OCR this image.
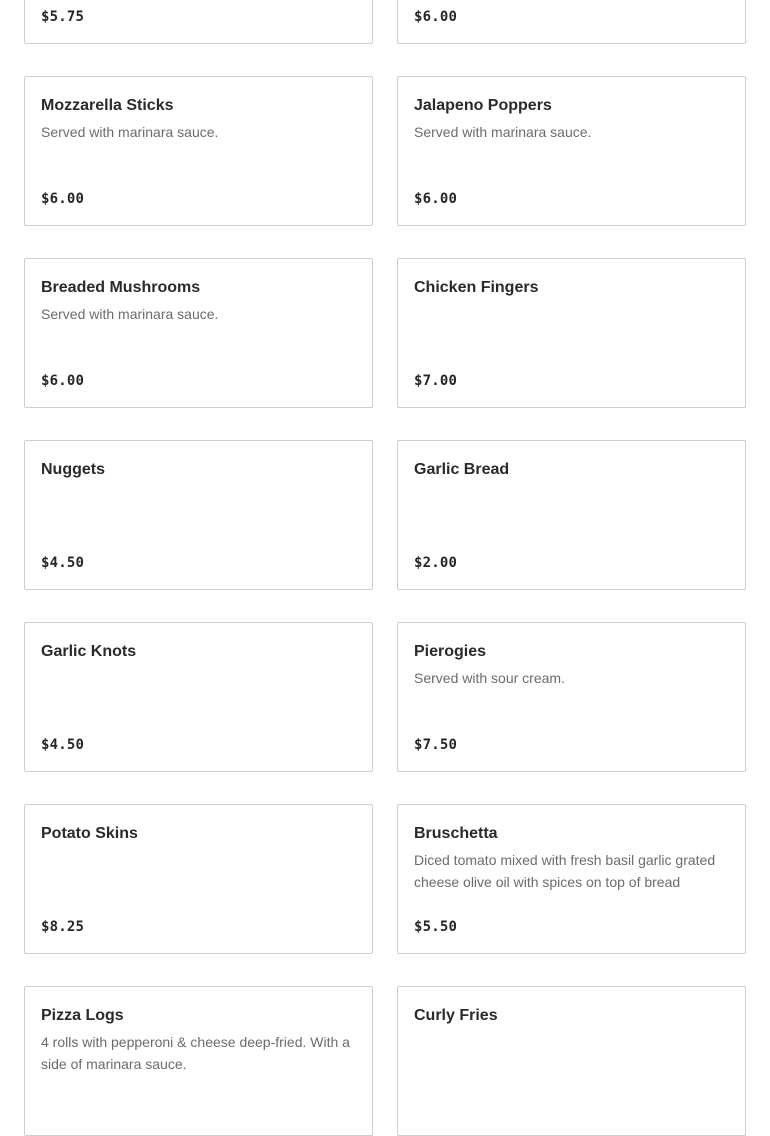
$5.75	$6.00
Mozzarella Sticks
Served with marinara sauce.
$6.00
Jalapeno Poppers
Served with marinara sauce.
$6.00
Breaded Mushrooms
Served with marinara sauce.
$6.00
Chicken Fingers
$7.00
Nuggets
$4.50
Garlic Bread
$2.00
Garlic Knots
$4.50
Pierogies
Served with sour cream.
$7.50
Potato Skins
$8.25
Bruschetta
Diced tomato mixed with fresh basil garlic grated cheese olive oil with spices on top of bread
$5.50
Pizza Logs
4 rolls with pepperoni & cheese deep-fried. With a side of marinara sauce.
Curly Fries
